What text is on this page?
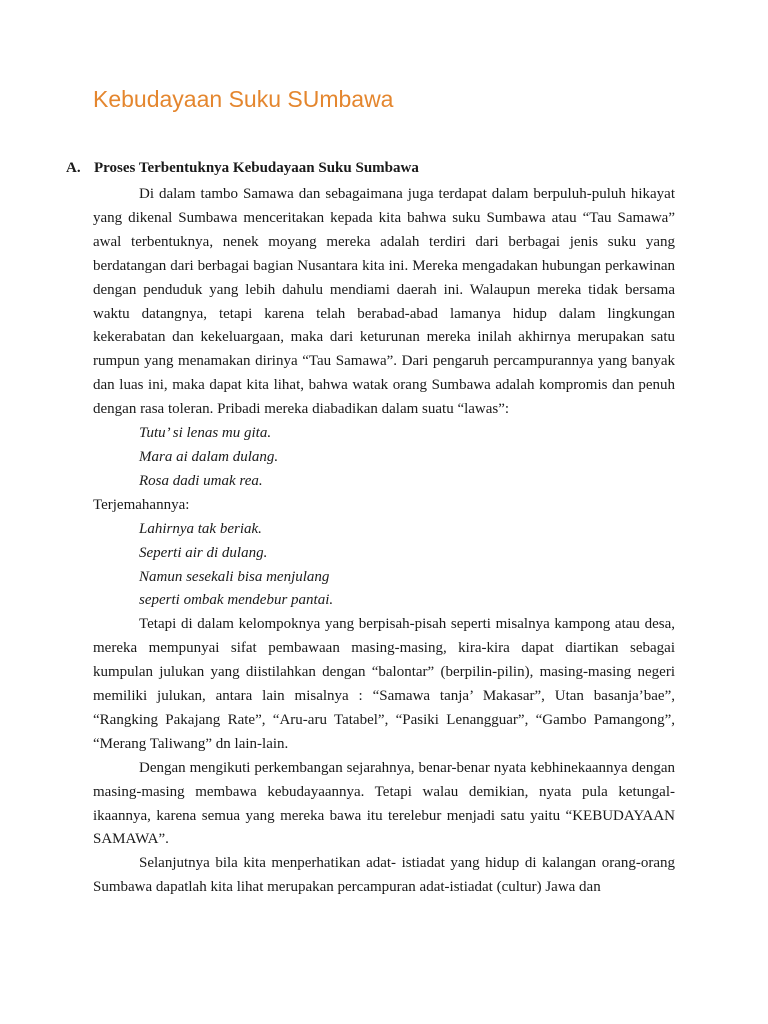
Kebudayaan Suku SUmbawa
A. Proses Terbentuknya Kebudayaan Suku Sumbawa

Di dalam tambo Samawa dan sebagaimana juga terdapat dalam berpuluh-puluh hikayat yang dikenal Sumbawa menceritakan kepada kita bahwa suku Sumbawa atau “Tau Samawa” awal terbentuknya, nenek moyang mereka adalah terdiri dari berbagai jenis suku yang berdatangan dari berbagai bagian Nusantara kita ini. Mereka mengadakan hubungan perkawinan dengan penduduk yang lebih dahulu mendiami daerah ini. Walaupun mereka tidak bersama waktu datangnya, tetapi karena telah berabad-abad lamanya hidup dalam lingkungan kekerabatan dan kekeluargaan, maka dari keturunan mereka inilah akhirnya merupakan satu rumpun yang menamakan dirinya “Tau Samawa”. Dari pengaruh percampurannya yang banyak dan luas ini, maka dapat kita lihat, bahwa watak orang Sumbawa adalah kompromis dan penuh dengan rasa toleran. Pribadi mereka diabadikan dalam suatu “lawas”:

Tutu’ si lenas mu gita.
Mara ai dalam dulang.
Rosa dadi umak rea.

Terjemahannya:

Lahirnya tak beriak.
Seperti air di dulang.
Namun sesekali bisa menjulang
seperti ombak mendebur pantai.

Tetapi di dalam kelompoknya yang berpisah-pisah seperti misalnya kampong atau desa, mereka mempunyai sifat pembawaan masing-masing, kira-kira dapat diartikan sebagai kumpulan julukan yang diistilahkan dengan “balontar” (berpilin-pilin), masing-masing negeri memiliki julukan, antara lain misalnya : “Samawa tanja’ Makasar”, Utan basanja’bae”, “Rangking Pakajang Rate”, “Aru-aru Tatabel”, “Pasiki Lenangguar”, “Gambo Pamangong”, “Merang Taliwang” dn lain-lain.

Dengan mengikuti perkembangan sejarahnya, benar-benar nyata kebhinekaannya dengan masing-masing membawa kebudayaannya. Tetapi walau demikian, nyata pula ketungal-ikaannya, karena semua yang mereka bawa itu terelebur menjadi satu yaitu “KEBUDAYAAN SAMAWA”.

Selanjutnya bila kita menperhatikan adat- istiadat yang hidup di kalangan orang-orang Sumbawa dapatlah kita lihat merupakan percampuran adat-istiadat (cultur) Jawa dan
